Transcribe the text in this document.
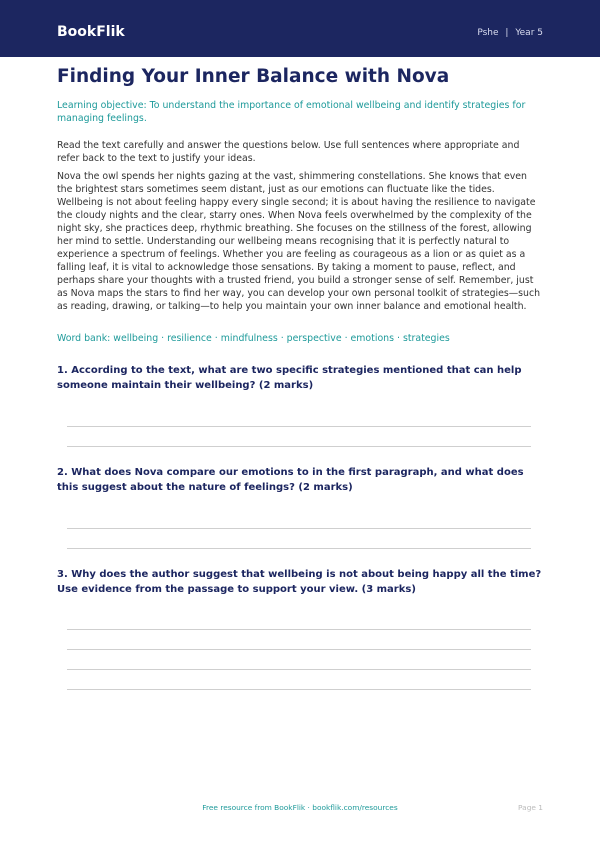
BookFlik	Pshe | Year 5
Finding Your Inner Balance with Nova
Learning objective: To understand the importance of emotional wellbeing and identify strategies for managing feelings.
Read the text carefully and answer the questions below. Use full sentences where appropriate and refer back to the text to justify your ideas.
Nova the owl spends her nights gazing at the vast, shimmering constellations. She knows that even the brightest stars sometimes seem distant, just as our emotions can fluctuate like the tides. Wellbeing is not about feeling happy every single second; it is about having the resilience to navigate the cloudy nights and the clear, starry ones. When Nova feels overwhelmed by the complexity of the night sky, she practices deep, rhythmic breathing. She focuses on the stillness of the forest, allowing her mind to settle. Understanding our wellbeing means recognising that it is perfectly natural to experience a spectrum of feelings. Whether you are feeling as courageous as a lion or as quiet as a falling leaf, it is vital to acknowledge those sensations. By taking a moment to pause, reflect, and perhaps share your thoughts with a trusted friend, you build a stronger sense of self. Remember, just as Nova maps the stars to find her way, you can develop your own personal toolkit of strategies—such as reading, drawing, or talking—to help you maintain your own inner balance and emotional health.
Word bank: wellbeing · resilience · mindfulness · perspective · emotions · strategies
1. According to the text, what are two specific strategies mentioned that can help someone maintain their wellbeing? (2 marks)
2. What does Nova compare our emotions to in the first paragraph, and what does this suggest about the nature of feelings? (2 marks)
3. Why does the author suggest that wellbeing is not about being happy all the time? Use evidence from the passage to support your view. (3 marks)
Free resource from BookFlik · bookflik.com/resources	Page 1
